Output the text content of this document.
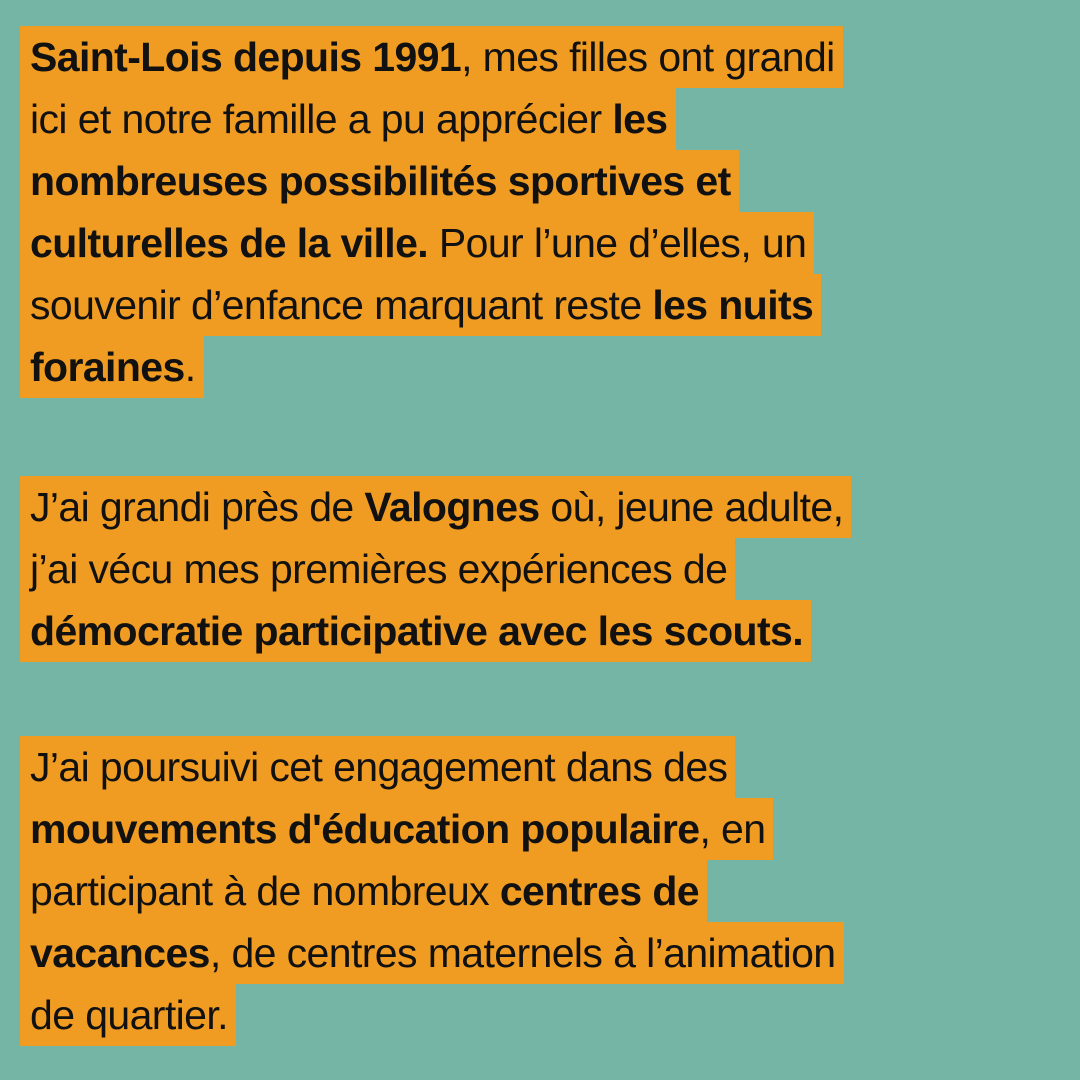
Saint-Lois depuis 1991, mes filles ont grandi
ici et notre famille a pu apprécier les
nombreuses possibilités sportives et
culturelles de la ville. Pour l’une d’elles, un
souvenir d’enfance marquant reste les nuits
foraines.
J’ai grandi près de Valognes où, jeune adulte,
j’ai vécu mes premières expériences de
démocratie participative avec les scouts.
J’ai poursuivi cet engagement dans des
mouvements d'éducation populaire, en
participant à de nombreux centres de
vacances, de centres maternels à l’animation
de quartier.
